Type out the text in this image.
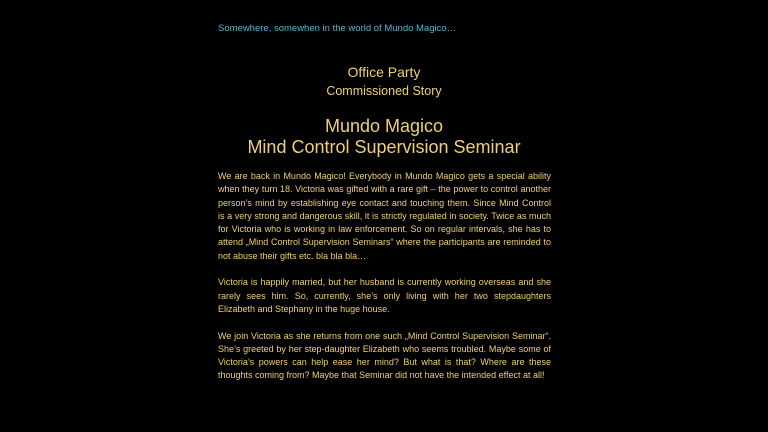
Somewhere, somewhen in the world of Mundo Magico…
Office Party
Commissioned Story
Mundo Magico
Mind Control Supervision Seminar

We are back in Mundo Magico! Everybody in Mundo Magico gets a special ability when they turn 18. Victoria was gifted with a rare gift – the power to control another person’s mind by establishing eye contact and touching them. Since Mind Control is a very strong and dangerous skill, it is strictly regulated in society. Twice as much for Victoria who is working in law enforcement. So on regular intervals, she has to attend „Mind Control Supervision Seminars“ where the participants are reminded to not abuse their gifts etc. bla bla bla…

Victoria is happily married, but her husband is currently working overseas and she rarely sees him. So, currently, she’s only living with her two stepdaughters Elizabeth and Stephany in the huge house.

We join Victoria as she returns from one such „Mind Control Supervision Seminar“. She’s greeted by her step-daughter Elizabeth who seems troubled. Maybe some of Victoria’s powers can help ease her mind? But what is that? Where are these thoughts coming from? Maybe that Seminar did not have the intended effect at all!
